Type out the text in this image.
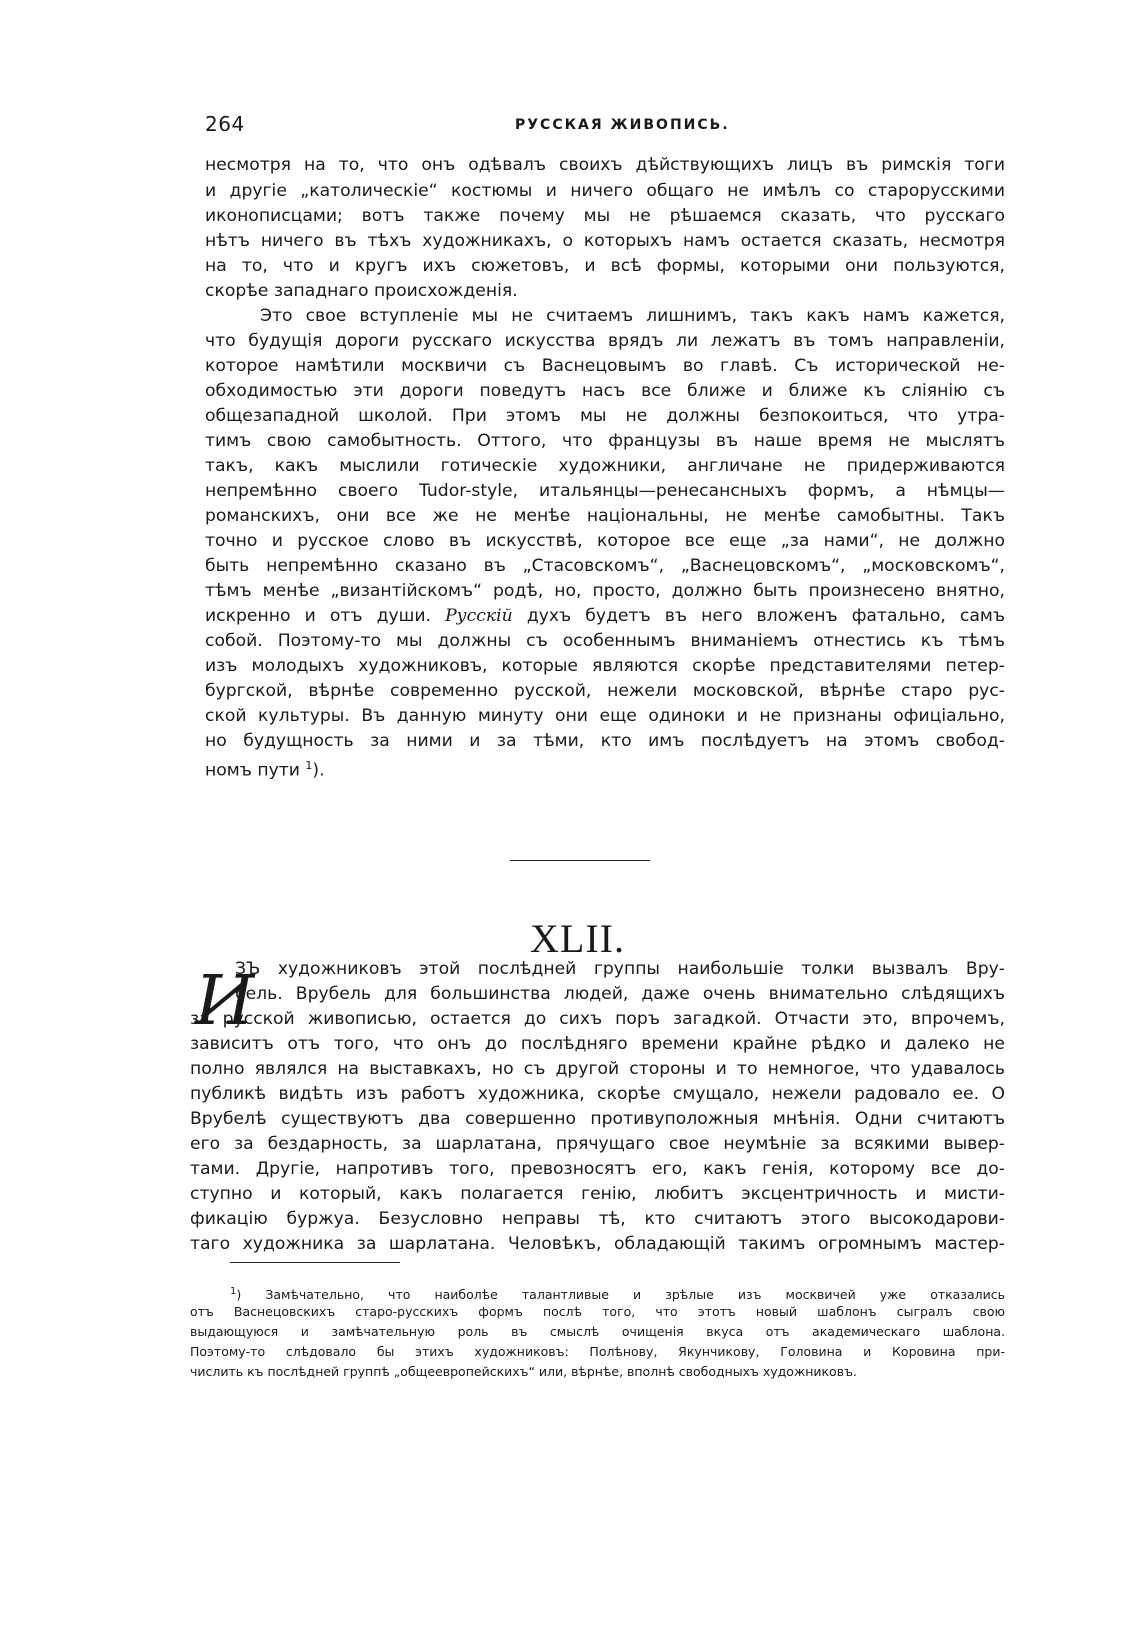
264	РУССКАЯ ЖИВОПИСЬ.
несмотря на то, что онъ одѣвалъ своихъ дѣйствующихъ лицъ въ римскія тоги
и другіе „католическіе“ костюмы и ничего общаго не имѣлъ со старорусскими
иконописцами; вотъ также почему мы не рѣшаемся сказать, что русскаго
нѣтъ ничего въ тѣхъ художникахъ, о которыхъ намъ остается сказать, несмотря
на то, что и кругъ ихъ сюжетовъ, и всѣ формы, которыми они пользуются,
скорѣе западнаго происхожденія.
Это свое вступленіе мы не считаемъ лишнимъ, такъ какъ намъ кажется,
что будущія дороги русскаго искусства врядъ ли лежатъ въ томъ направленіи,
которое намѣтили москвичи съ Васнецовымъ во главѣ. Съ исторической не-
обходимостью эти дороги поведутъ насъ все ближе и ближе къ сліянію съ
общезападной школой. При этомъ мы не должны безпокоиться, что утра-
тимъ свою самобытность. Оттого, что французы въ наше время не мыслятъ
такъ, какъ мыслили готическіе художники, англичане не придерживаются
непремѣнно своего Tudor-style, итальянцы—ренесансныхъ формъ, а нѣмцы—
романскихъ, они все же не менѣе національны, не менѣе самобытны. Такъ
точно и русское слово въ искусствѣ, которое все еще „за нами“, не должно
быть непремѣнно сказано въ „Стасовскомъ“, „Васнецовскомъ“, „московскомъ“,
тѣмъ менѣе „византійскомъ“ родѣ, но, просто, должно быть произнесено внятно,
искренно и отъ души. Русскій духъ будетъ въ него вложенъ фатально, самъ
собой. Поэтому-то мы должны съ особеннымъ вниманіемъ отнестись къ тѣмъ
изъ молодыхъ художниковъ, которые являются скорѣе представителями петер-
бургской, вѣрнѣе современно русской, нежели московской, вѣрнѣе старо рус-
ской культуры. Въ данную минуту они еще одиноки и не признаны офиціально,
но будущность за ними и за тѣми, кто имъ послѣдуетъ на этомъ свобод-
номъ пути $^1$).
XLII.
И
ЗЪ художниковъ этой послѣдней группы наибольшіе толки вызвалъ Вру-
бель. Врубель для большинства людей, даже очень внимательно слѣдящихъ
за русской живописью, остается до сихъ поръ загадкой. Отчасти это, впрочемъ,
зависитъ отъ того, что онъ до послѣдняго времени крайне рѣдко и далеко не
полно являлся на выставкахъ, но съ другой стороны и то немногое, что удавалось
публикѣ видѣть изъ работъ художника, скорѣе смущало, нежели радовало ее. О
Врубелѣ существуютъ два совершенно противуположныя мнѣнія. Одни считаютъ
его за бездарность, за шарлатана, прячущаго свое неумѣніе за всякими вывер-
тами. Другіе, напротивъ того, превозносятъ его, какъ генія, которому все до-
ступно и который, какъ полагается генію, любитъ эксцентричность и мисти-
фикацію буржуа. Безусловно неправы тѣ, кто считаютъ этого высокодарови-
таго художника за шарлатана. Человѣкъ, обладающій такимъ огромнымъ мастер-
$^1$) Замѣчательно, что наиболѣе талантливые и зрѣлые изъ москвичей уже отказались
отъ Васнецовскихъ старо-русскихъ формъ послѣ того, что этотъ новый шаблонъ сыгралъ свою
выдающуюся и замѣчательную роль въ смыслѣ очищенія вкуса отъ академическаго шаблона.
Поэтому-то слѣдовало бы этихъ художниковъ: Полѣнову, Якунчикову, Головина и Коровина при-
числить къ послѣдней группѣ „общеевропейскихъ“ или, вѣрнѣе, вполнѣ свободныхъ художниковъ.
